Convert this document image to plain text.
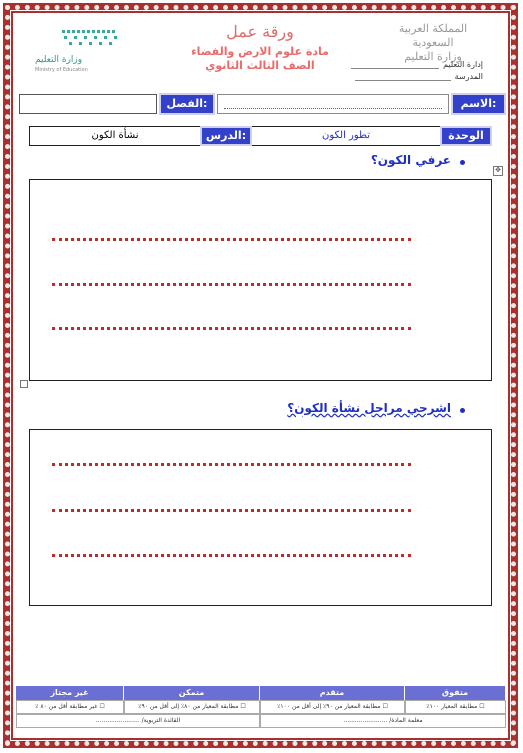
وزارة التعليم
Ministry of Education
ورقة عمل
مادة علوم الارض والفضاء
الصف الثالث الثانوي
المملكة العربية السعودية
وزارة التعليم
إدارة التعليم
المدرسة
الفصل:	الاسم:
نشأة الكون	الدرس:	تطور الكون	الوحدة
عرفي الكون؟
✥
اشرحي مراحل نشأة الكون؟
غير مجتاز	متمكن	متقدم	متفوق
☐ غير مطابقة أقل من ٨٠ ٪	☐ مطابقة المعيار من ٨٠٪ إلى أقل من ٩٠٪	☐ مطابقة المعيار من ٩٠٪ إلى أقل من ١٠٠٪	☐ مطابقة المعيار ١٠٠٪
القائدة التربوية/ .......................	معلمة المادة/ .......................
